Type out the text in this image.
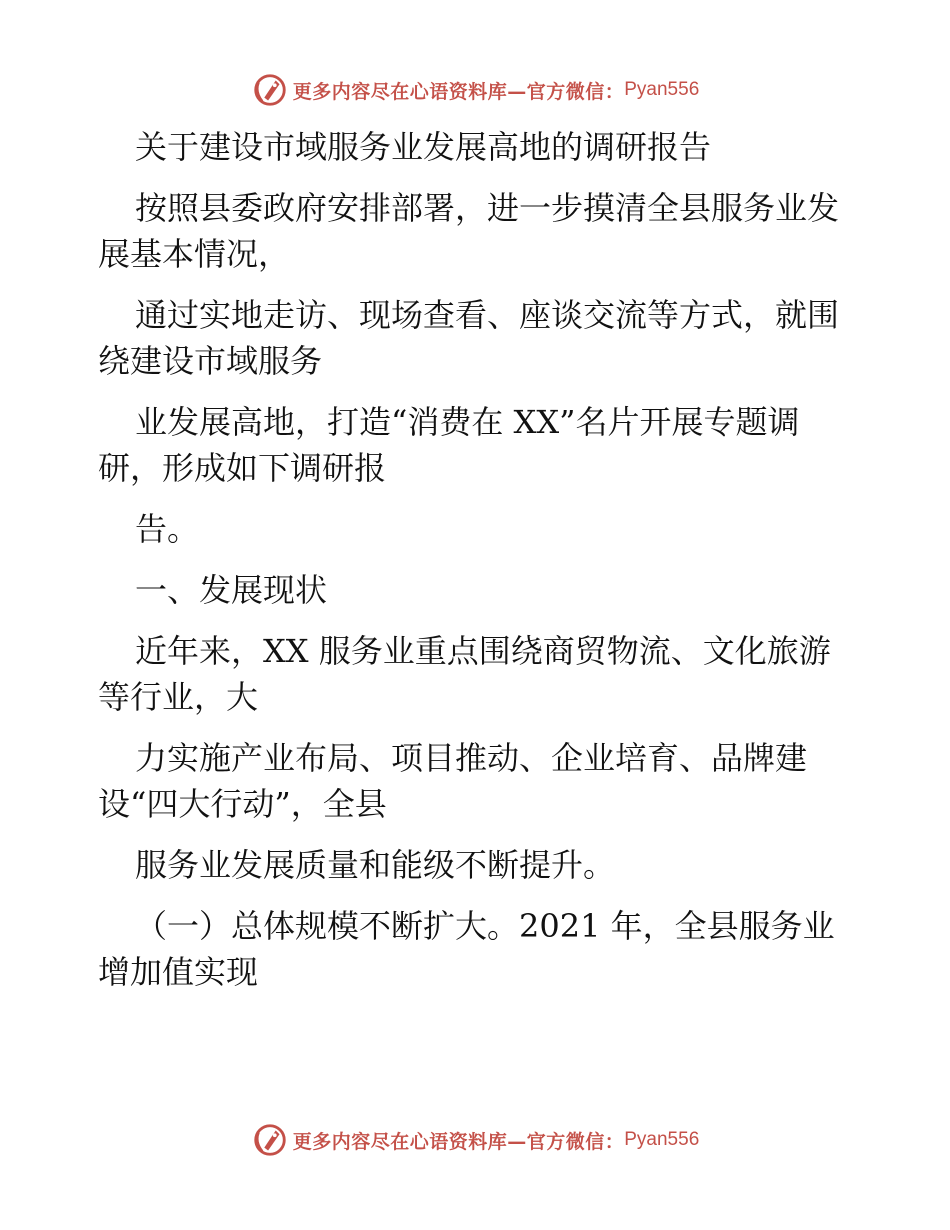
更多内容尽在心语资料库—官方微信： Pyan556

关于建设市域服务业发展高地的调研报告

按照县委政府安排部署，进一步摸清全县服务业发展基本情况，

通过实地走访、现场查看、座谈交流等方式，就围绕建设市域服务

业发展高地，打造“消费在 XX”名片开展专题调研，形成如下调研报

告。

一、发展现状

近年来，XX 服务业重点围绕商贸物流、文化旅游等行业，大

力实施产业布局、项目推动、企业培育、品牌建设“四大行动”，全县

服务业发展质量和能级不断提升。

（一）总体规模不断扩大。2021 年，全县服务业增加值实现

更多内容尽在心语资料库—官方微信： Pyan556
